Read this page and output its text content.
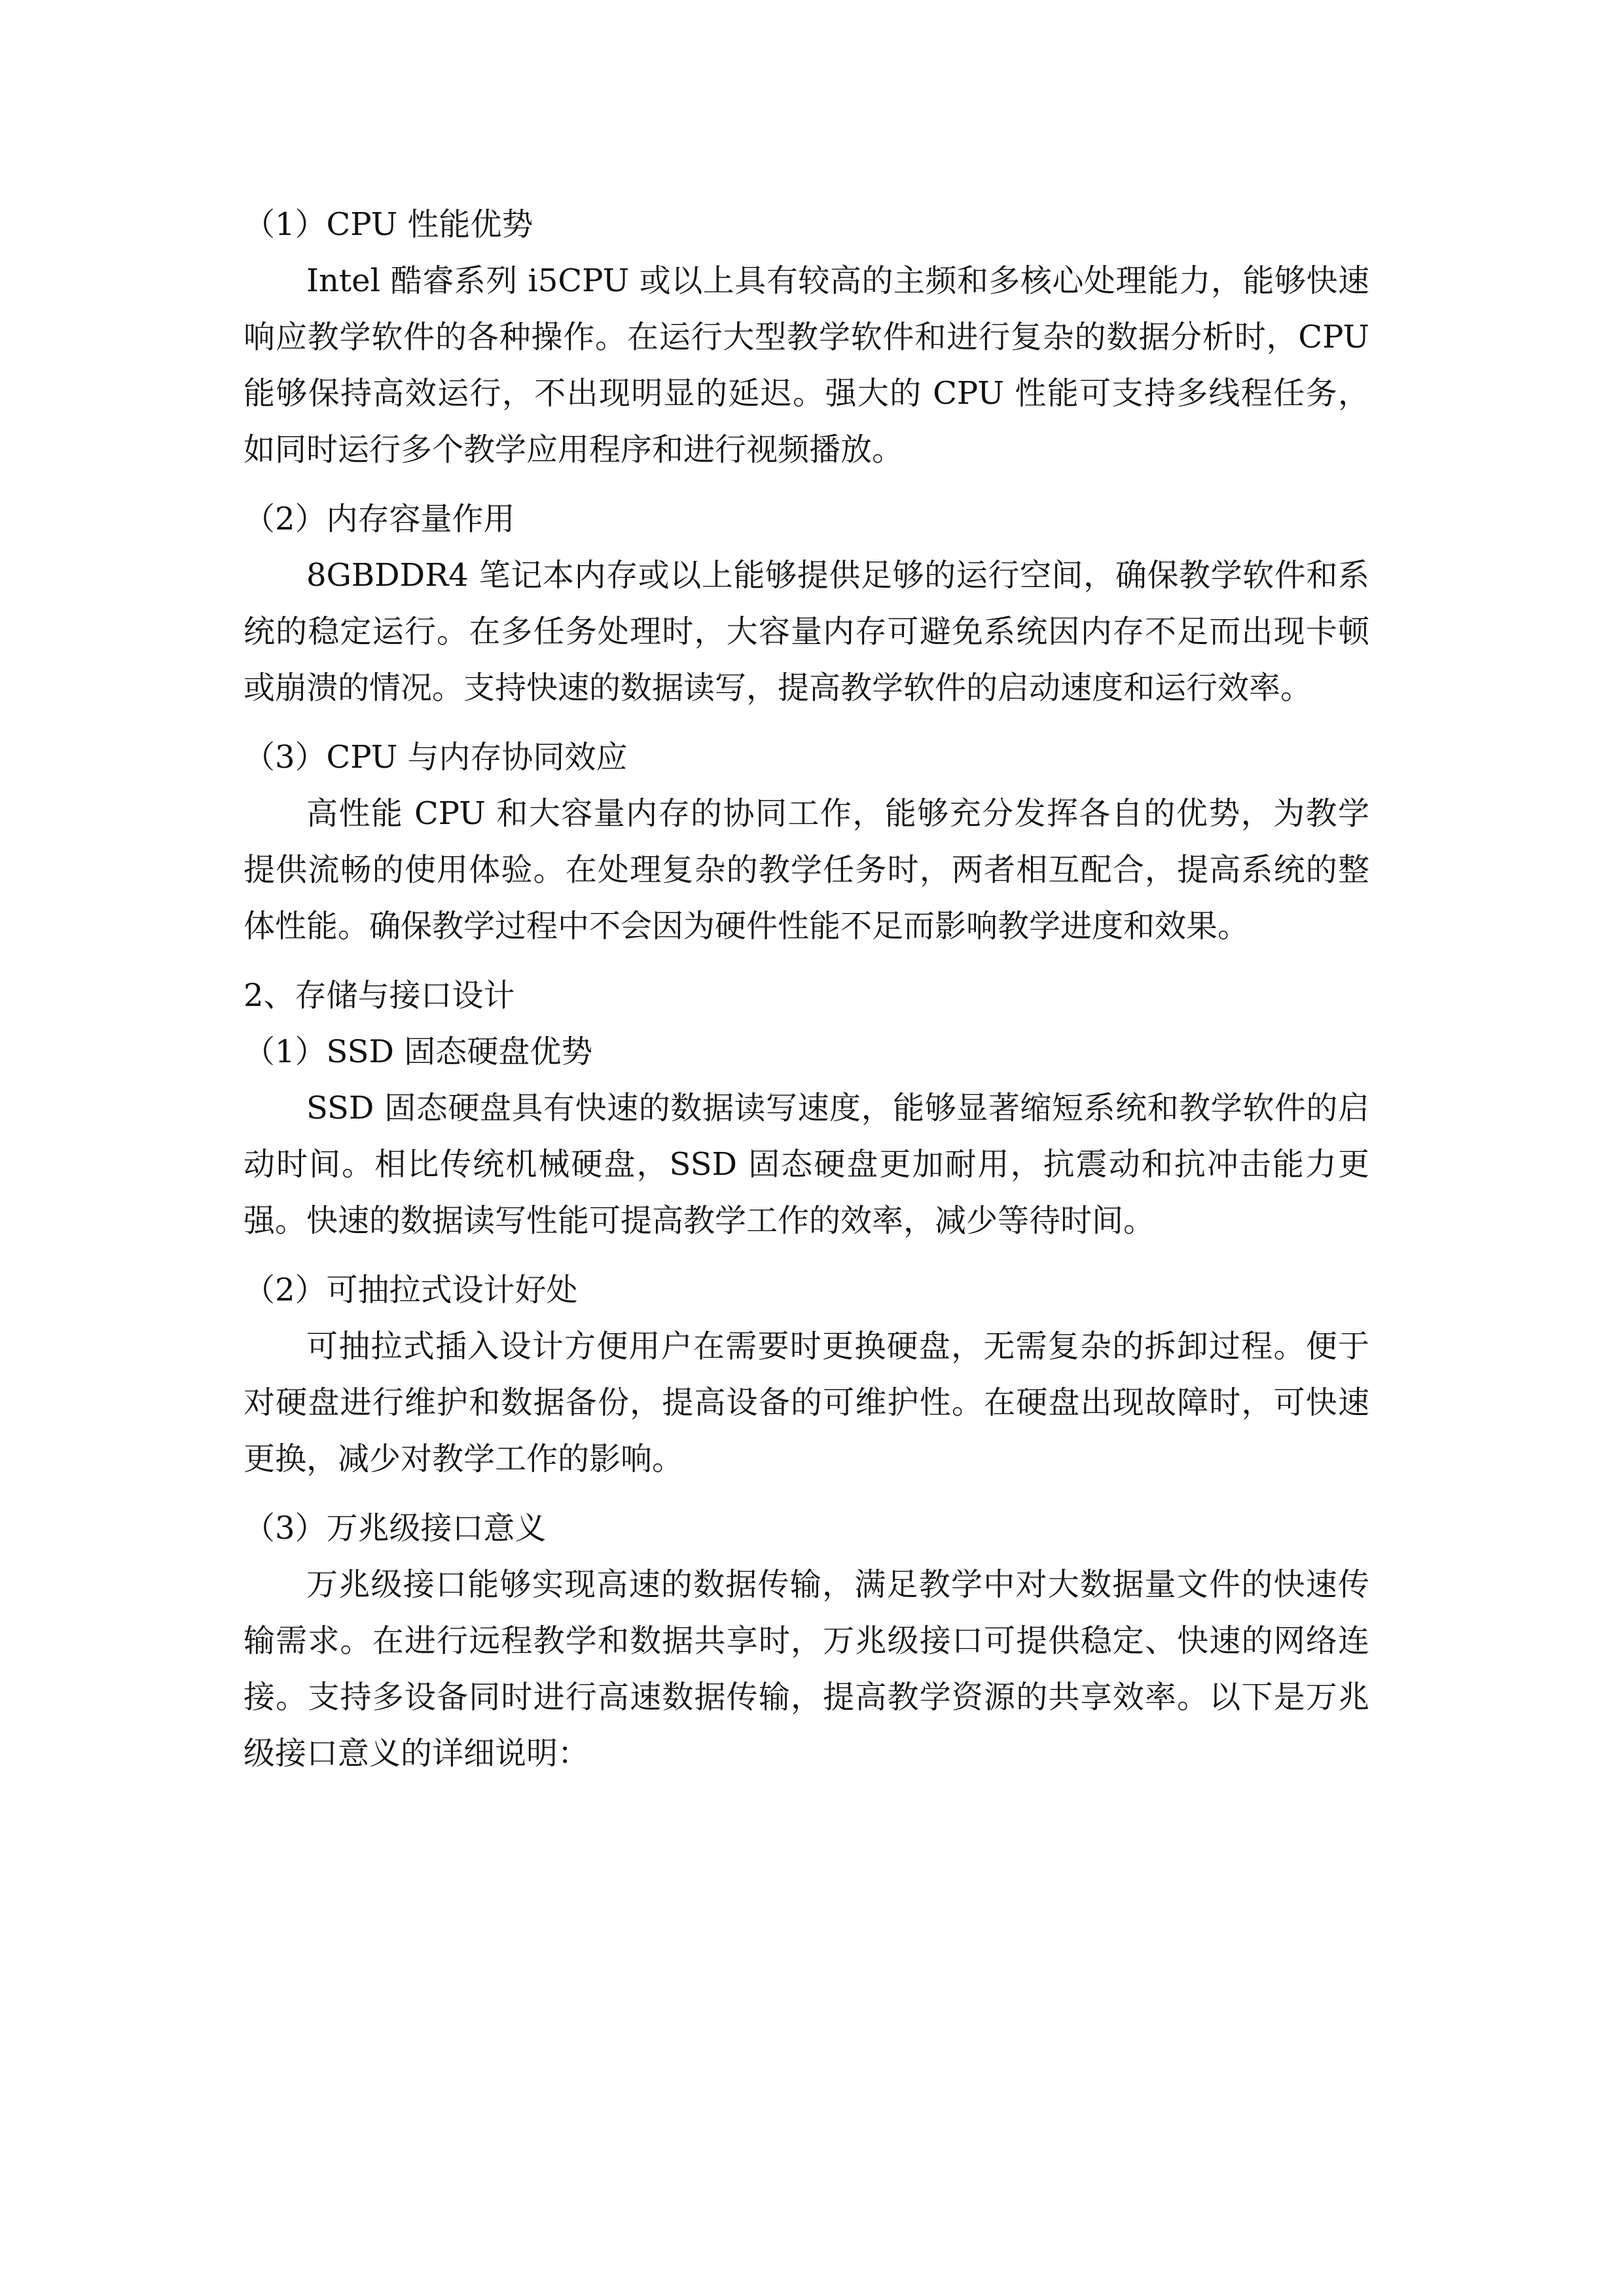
（1）CPU 性能优势

Intel 酷睿系列 i5CPU 或以上具有较高的主频和多核心处理能力，能够快速响应教学软件的各种操作。在运行大型教学软件和进行复杂的数据分析时，CPU 能够保持高效运行，不出现明显的延迟。强大的 CPU 性能可支持多线程任务，如同时运行多个教学应用程序和进行视频播放。

（2）内存容量作用

8GBDDR4 笔记本内存或以上能够提供足够的运行空间，确保教学软件和系统的稳定运行。在多任务处理时，大容量内存可避免系统因内存不足而出现卡顿或崩溃的情况。支持快速的数据读写，提高教学软件的启动速度和运行效率。

（3）CPU 与内存协同效应

高性能 CPU 和大容量内存的协同工作，能够充分发挥各自的优势，为教学提供流畅的使用体验。在处理复杂的教学任务时，两者相互配合，提高系统的整体性能。确保教学过程中不会因为硬件性能不足而影响教学进度和效果。

2、存储与接口设计
（1）SSD 固态硬盘优势

SSD 固态硬盘具有快速的数据读写速度，能够显著缩短系统和教学软件的启动时间。相比传统机械硬盘，SSD 固态硬盘更加耐用，抗震动和抗冲击能力更强。快速的数据读写性能可提高教学工作的效率，减少等待时间。

（2）可抽拉式设计好处

可抽拉式插入设计方便用户在需要时更换硬盘，无需复杂的拆卸过程。便于对硬盘进行维护和数据备份，提高设备的可维护性。在硬盘出现故障时，可快速更换，减少对教学工作的影响。

（3）万兆级接口意义

万兆级接口能够实现高速的数据传输，满足教学中对大数据量文件的快速传输需求。在进行远程教学和数据共享时，万兆级接口可提供稳定、快速的网络连接。支持多设备同时进行高速数据传输，提高教学资源的共享效率。以下是万兆级接口意义的详细说明：
